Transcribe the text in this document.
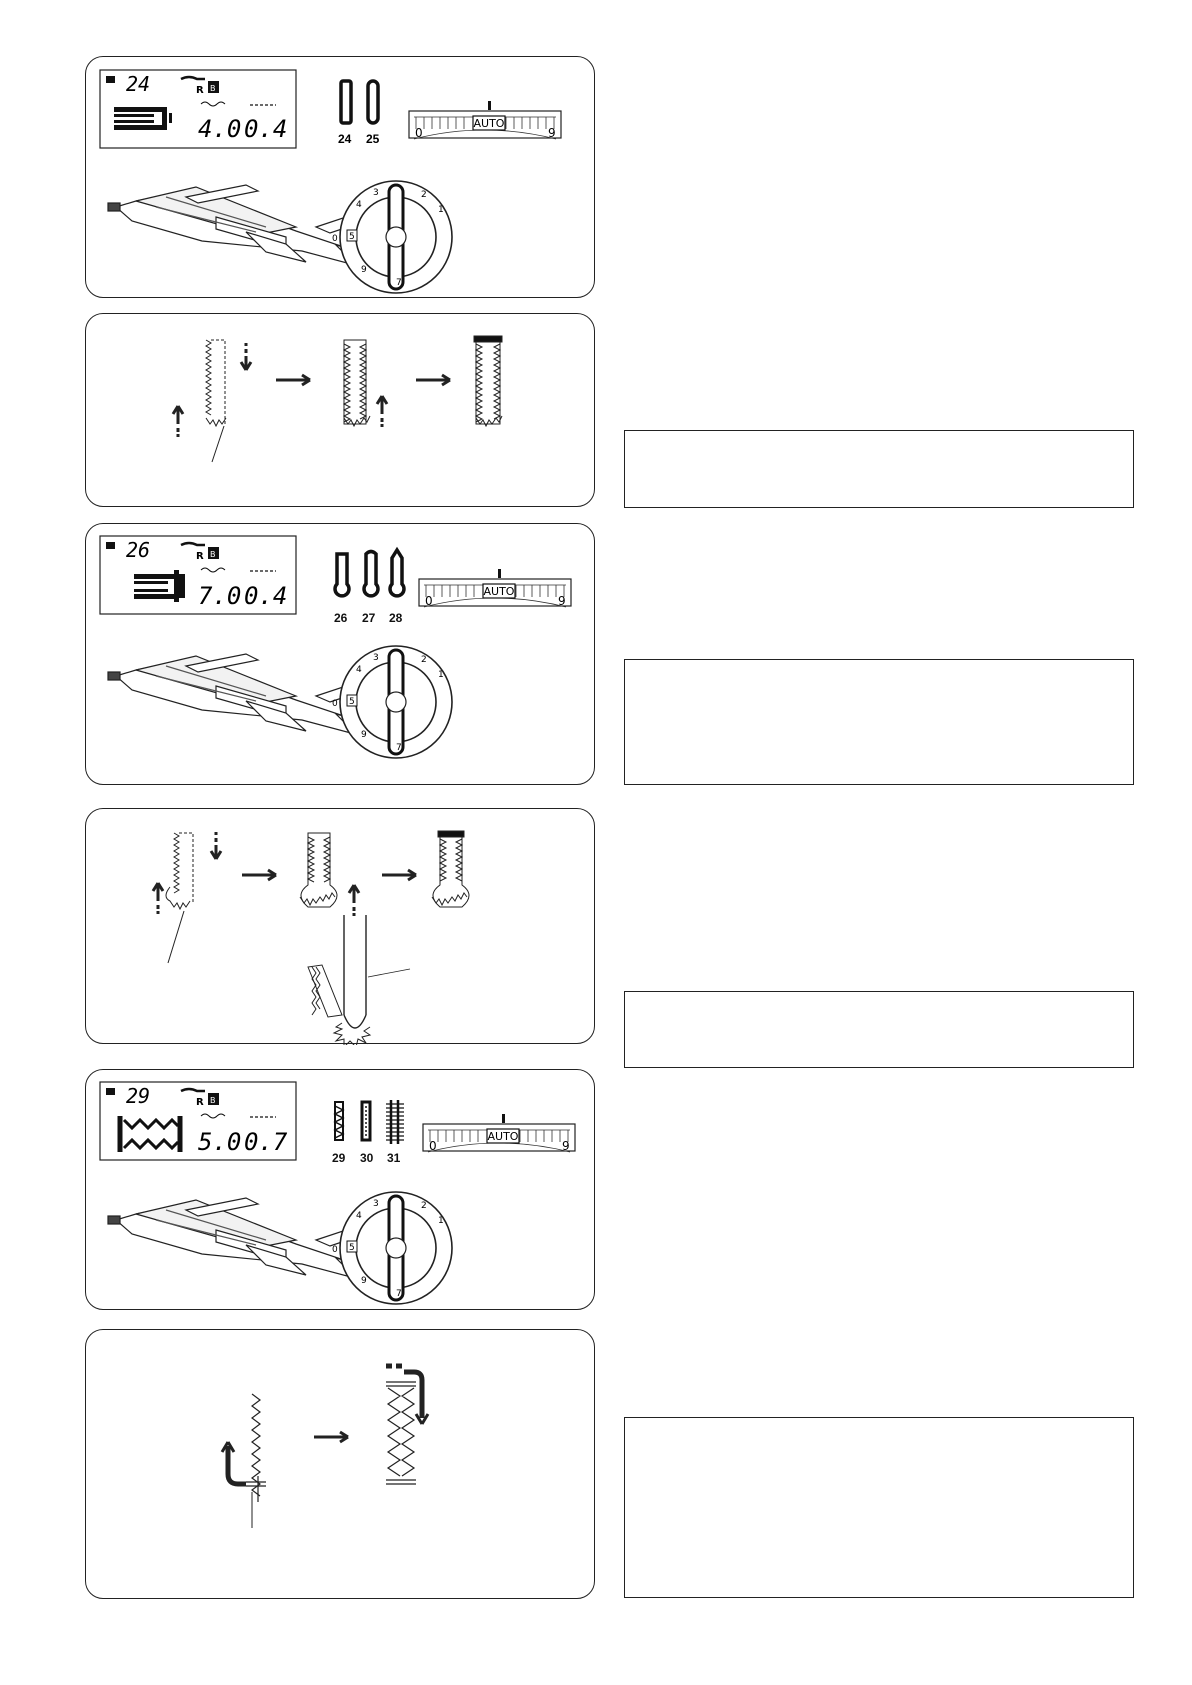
24	R B
4.0 0.4	24 25
AUTO
0	9
0
4
3	2
1
9
7
5
26	R B
7.0 0.4
26 27 28
AUTO
0	9
0
4
3	2
1
9
7
5
29	R B
5.0 0.7
29 30 31
AUTO
0	9
0
4
3	2
1
9
7
5
